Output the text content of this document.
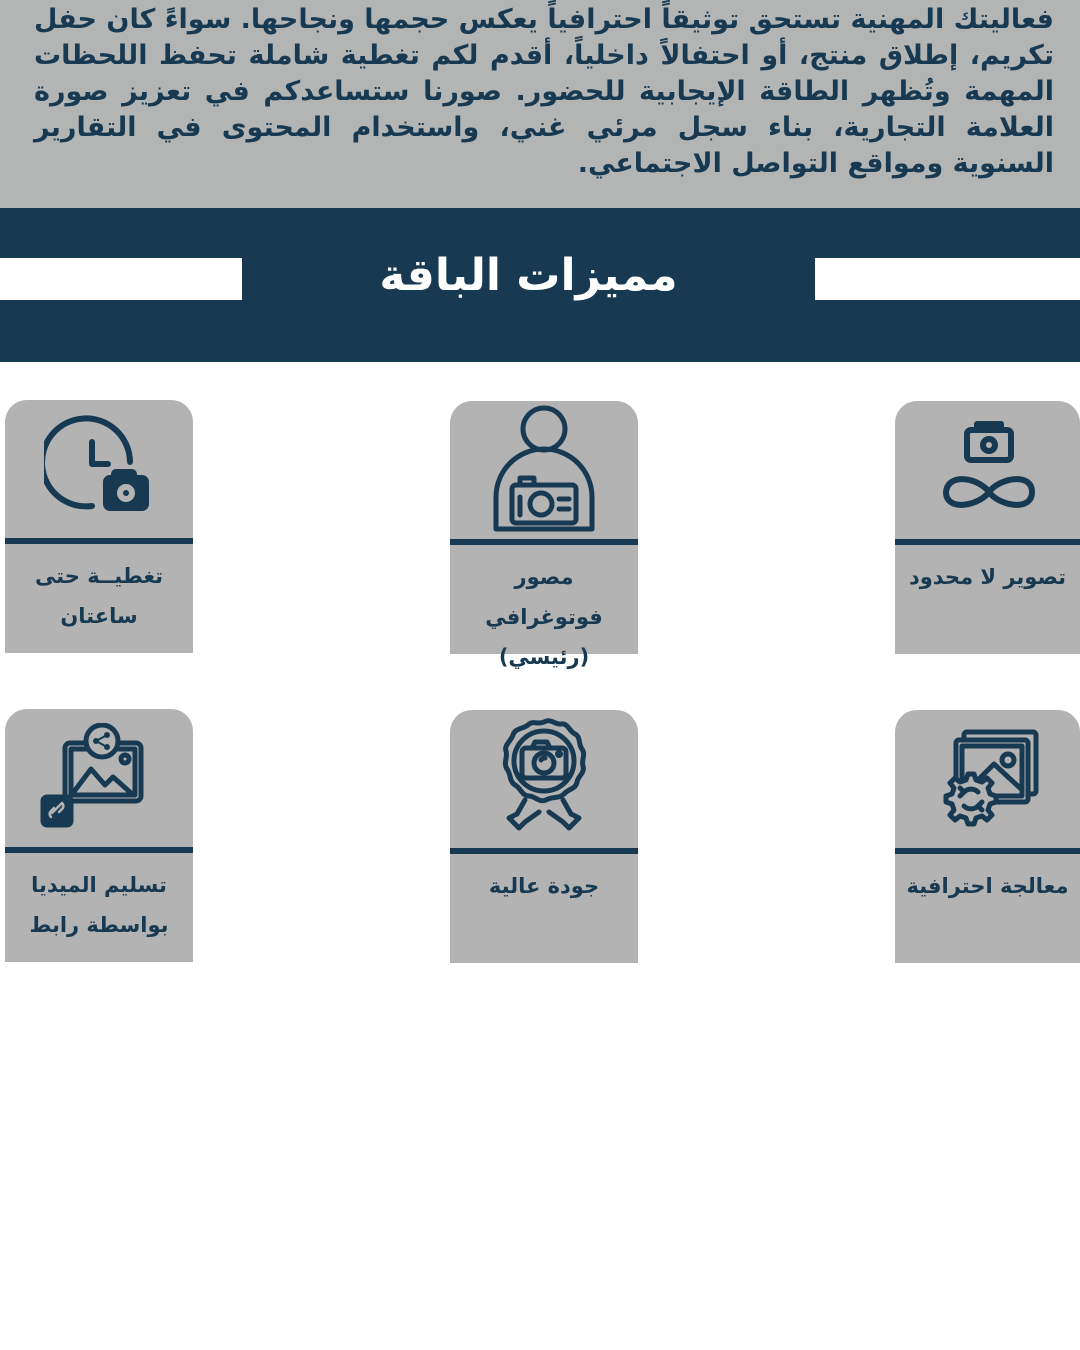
فعاليتك المهنية تستحق توثيقاً احترافياً يعكس حجمها ونجاحها. سواءً كان حفل تكريم، إطلاق منتج، أو احتفالاً داخلياً، أقدم لكم تغطية شاملة تحفظ اللحظات المهمة وتُظهر الطاقة الإيجابية للحضور. صورنا ستساعدكم في تعزيز صورة العلامة التجارية، بناء سجل مرئي غني، واستخدام المحتوى في التقارير السنوية ومواقع التواصل الاجتماعي.
مميزات الباقة
تغطيــة حتى ساعتان
مصور فوتوغرافي (رئيسي)
تصوير لا محدود
تسليم الميديا بواسطة رابط
جودة عالية	معالجة احترافية
